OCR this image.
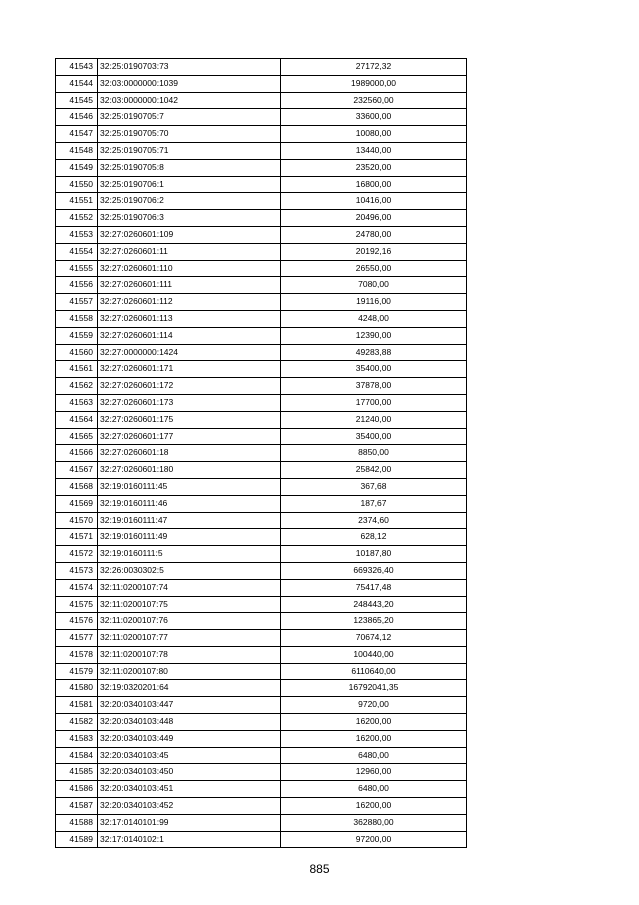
41543	32:25:0190703:73	27172,32
41544	32:03:0000000:1039	1989000,00
41545	32:03:0000000:1042	232560,00
41546	32:25:0190705:7	33600,00
41547	32:25:0190705:70	10080,00
41548	32:25:0190705:71	13440,00
41549	32:25:0190705:8	23520,00
41550	32:25:0190706:1	16800,00
41551	32:25:0190706:2	10416,00
41552	32:25:0190706:3	20496,00
41553	32:27:0260601:109	24780,00
41554	32:27:0260601:11	20192,16
41555	32:27:0260601:110	26550,00
41556	32:27:0260601:111	7080,00
41557	32:27:0260601:112	19116,00
41558	32:27:0260601:113	4248,00
41559	32:27:0260601:114	12390,00
41560	32:27:0000000:1424	49283,88
41561	32:27:0260601:171	35400,00
41562	32:27:0260601:172	37878,00
41563	32:27:0260601:173	17700,00
41564	32:27:0260601:175	21240,00
41565	32:27:0260601:177	35400,00
41566	32:27:0260601:18	8850,00
41567	32:27:0260601:180	25842,00
41568	32:19:0160111:45	367,68
41569	32:19:0160111:46	187,67
41570	32:19:0160111:47	2374,60
41571	32:19:0160111:49	628,12
41572	32:19:0160111:5	10187,80
41573	32:26:0030302:5	669326,40
41574	32:11:0200107:74	75417,48
41575	32:11:0200107:75	248443,20
41576	32:11:0200107:76	123865,20
41577	32:11:0200107:77	70674,12
41578	32:11:0200107:78	100440,00
41579	32:11:0200107:80	6110640,00
41580	32:19:0320201:64	16792041,35
41581	32:20:0340103:447	9720,00
41582	32:20:0340103:448	16200,00
41583	32:20:0340103:449	16200,00
41584	32:20:0340103:45	6480,00
41585	32:20:0340103:450	12960,00
41586	32:20:0340103:451	6480,00
41587	32:20:0340103:452	16200,00
41588	32:17:0140101:99	362880,00
41589	32:17:0140102:1	97200,00
885
